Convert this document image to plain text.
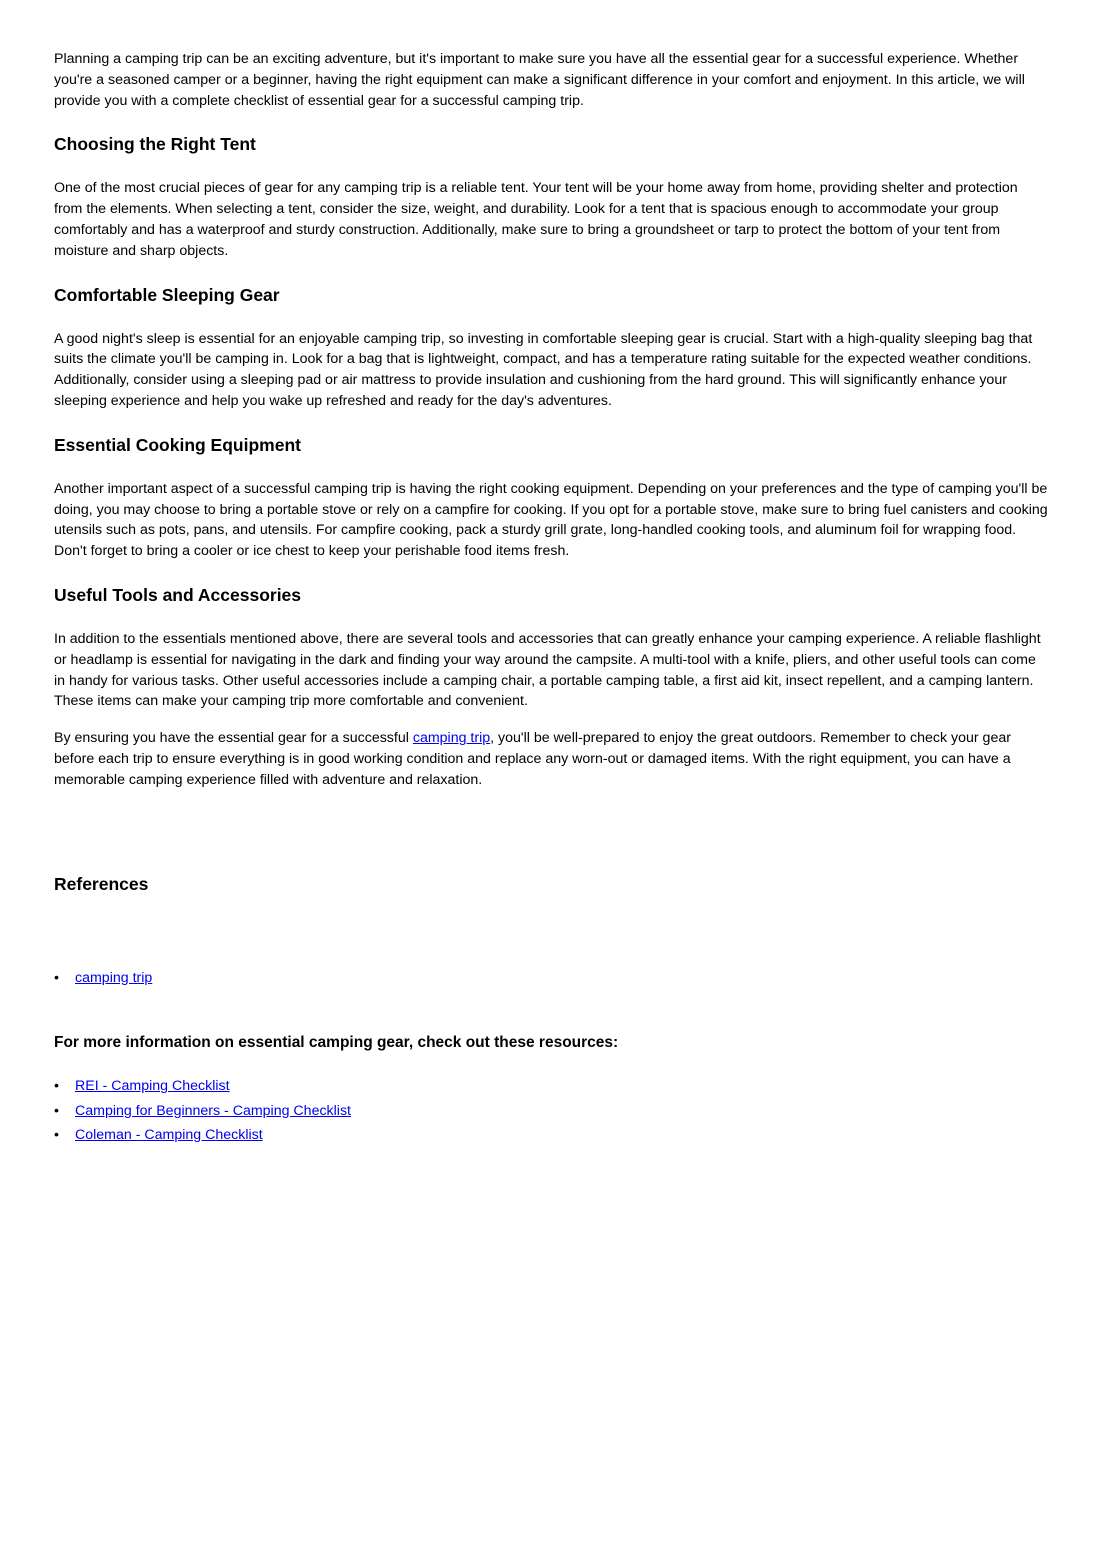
Planning a camping trip can be an exciting adventure, but it's important to make sure you have all the essential gear for a successful experience. Whether you're a seasoned camper or a beginner, having the right equipment can make a significant difference in your comfort and enjoyment. In this article, we will provide you with a complete checklist of essential gear for a successful camping trip.

Choosing the Right Tent

One of the most crucial pieces of gear for any camping trip is a reliable tent. Your tent will be your home away from home, providing shelter and protection from the elements. When selecting a tent, consider the size, weight, and durability. Look for a tent that is spacious enough to accommodate your group comfortably and has a waterproof and sturdy construction. Additionally, make sure to bring a groundsheet or tarp to protect the bottom of your tent from moisture and sharp objects.

Comfortable Sleeping Gear

A good night's sleep is essential for an enjoyable camping trip, so investing in comfortable sleeping gear is crucial. Start with a high-quality sleeping bag that suits the climate you'll be camping in. Look for a bag that is lightweight, compact, and has a temperature rating suitable for the expected weather conditions. Additionally, consider using a sleeping pad or air mattress to provide insulation and cushioning from the hard ground. This will significantly enhance your sleeping experience and help you wake up refreshed and ready for the day's adventures.

Essential Cooking Equipment

Another important aspect of a successful camping trip is having the right cooking equipment. Depending on your preferences and the type of camping you'll be doing, you may choose to bring a portable stove or rely on a campfire for cooking. If you opt for a portable stove, make sure to bring fuel canisters and cooking utensils such as pots, pans, and utensils. For campfire cooking, pack a sturdy grill grate, long-handled cooking tools, and aluminum foil for wrapping food. Don't forget to bring a cooler or ice chest to keep your perishable food items fresh.

Useful Tools and Accessories

In addition to the essentials mentioned above, there are several tools and accessories that can greatly enhance your camping experience. A reliable flashlight or headlamp is essential for navigating in the dark and finding your way around the campsite. A multi-tool with a knife, pliers, and other useful tools can come in handy for various tasks. Other useful accessories include a camping chair, a portable camping table, a first aid kit, insect repellent, and a camping lantern. These items can make your camping trip more comfortable and convenient.

By ensuring you have the essential gear for a successful camping trip, you'll be well-prepared to enjoy the great outdoors. Remember to check your gear before each trip to ensure everything is in good working condition and replace any worn-out or damaged items. With the right equipment, you can have a memorable camping experience filled with adventure and relaxation.

References
• camping trip
For more information on essential camping gear, check out these resources:
• REI - Camping Checklist
• Camping for Beginners - Camping Checklist
• Coleman - Camping Checklist
